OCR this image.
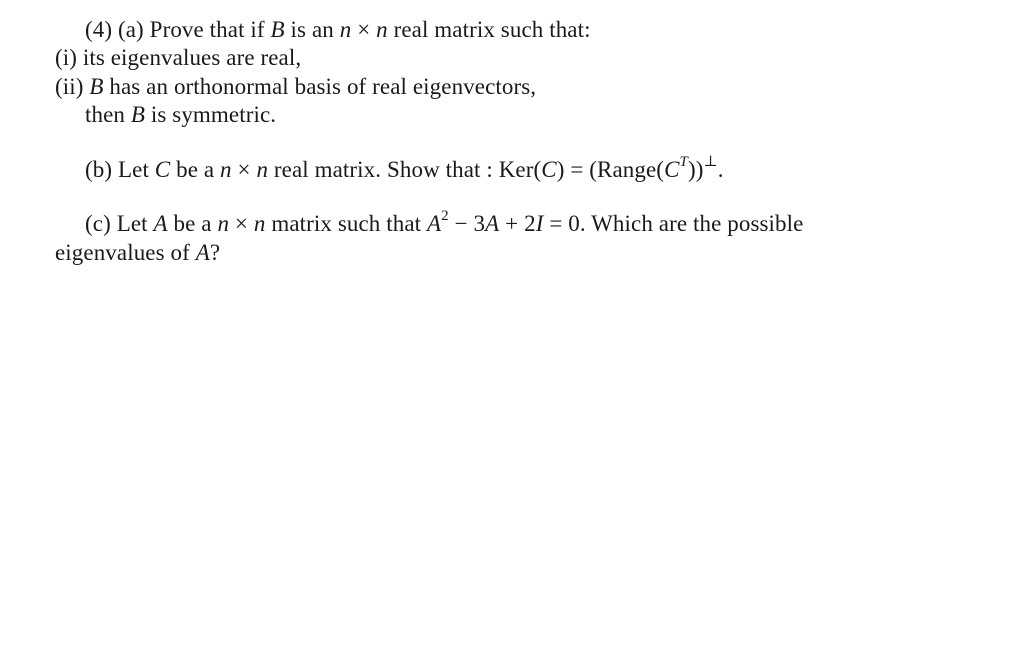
(4) (a) Prove that if B is an n × n real matrix such that:
(i) its eigenvalues are real,
(ii) B has an orthonormal basis of real eigenvectors,
then B is symmetric.
(b) Let C be a n × n real matrix. Show that : $Ker(C) = (Range(C^T))^\perp$.
(c) Let A be a n × n matrix such that $A^2 - 3A + 2I = 0$. Which are the possible
eigenvalues of A?
